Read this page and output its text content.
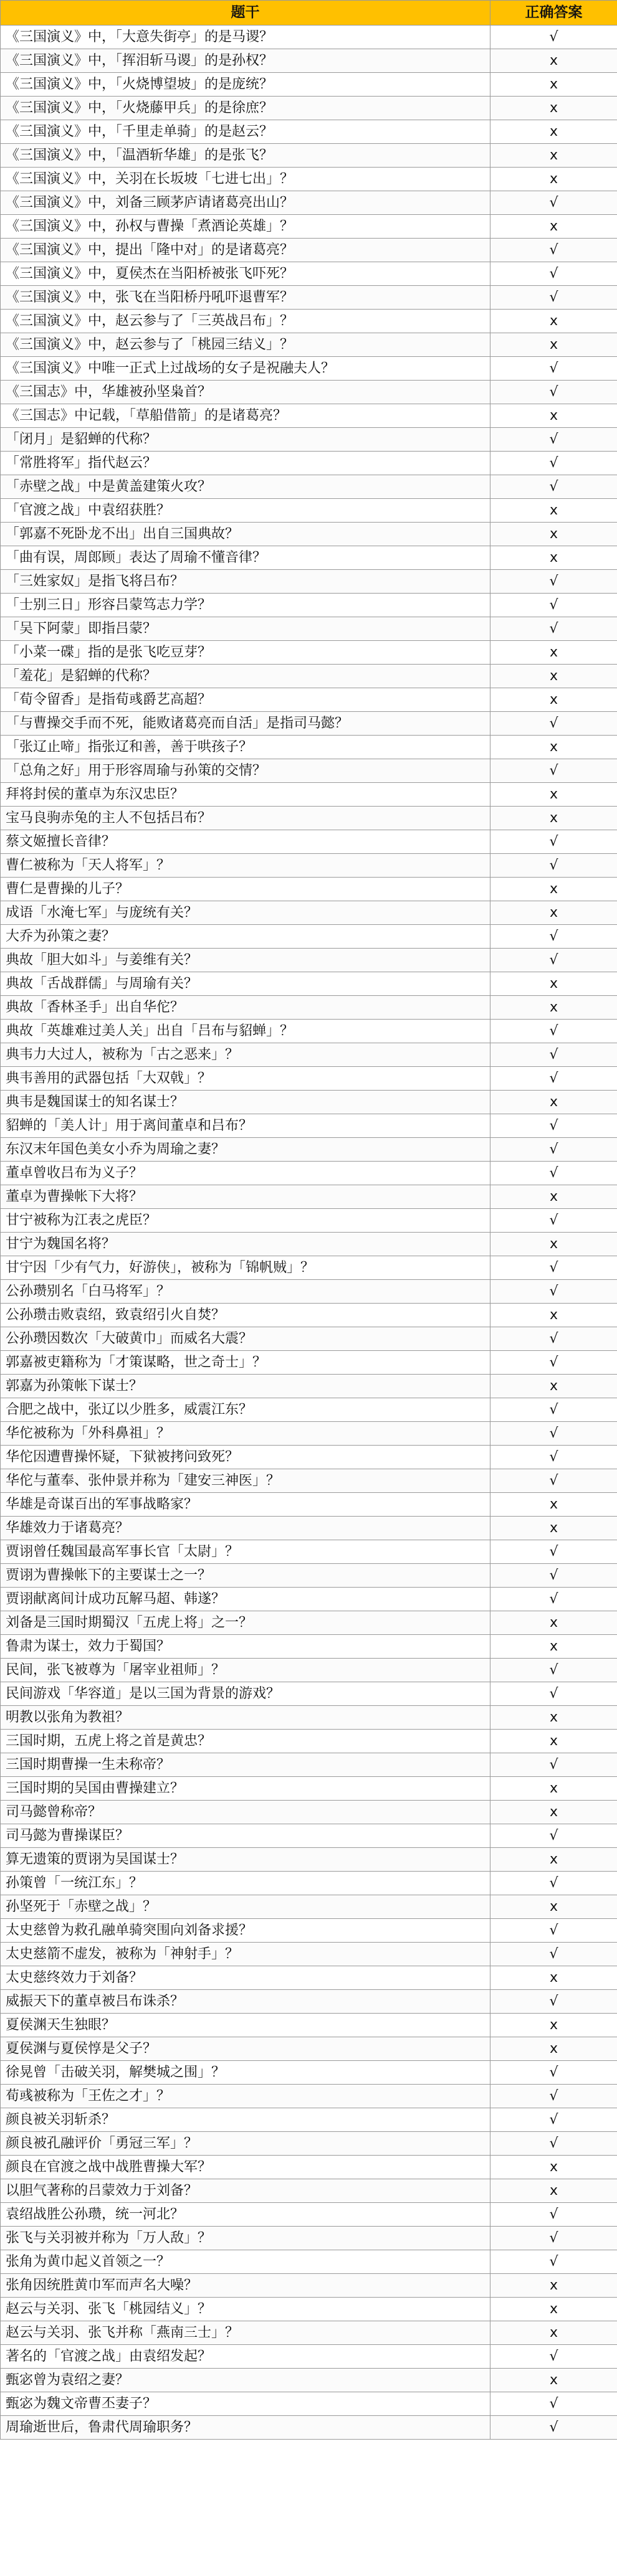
题干	正确答案
《三国演义》中，「大意失街亭」的是马谡？	√
《三国演义》中，「挥泪斩马谡」的是孙权？	x
《三国演义》中，「火烧博望坡」的是庞统？	x
《三国演义》中，「火烧藤甲兵」的是徐庶？	x
《三国演义》中，「千里走单骑」的是赵云？	x
《三国演义》中，「温酒斩华雄」的是张飞？	x
《三国演义》中，关羽在长坂坡「七进七出」？	x
《三国演义》中，刘备三顾茅庐请诸葛亮出山？	√
《三国演义》中，孙权与曹操「煮酒论英雄」？	x
《三国演义》中，提出「隆中对」的是诸葛亮？	√
《三国演义》中，夏侯杰在当阳桥被张飞吓死？	√
《三国演义》中，张飞在当阳桥丹吼吓退曹军？	√
《三国演义》中，赵云参与了「三英战吕布」？	x
《三国演义》中，赵云参与了「桃园三结义」？	x
《三国演义》中唯一正式上过战场的女子是祝融夫人？	√
《三国志》中，华雄被孙坚枭首？	√
《三国志》中记载，「草船借箭」的是诸葛亮？	x
「闭月」是貂蝉的代称？	√
「常胜将军」指代赵云？	√
「赤壁之战」中是黄盖建策火攻？	√
「官渡之战」中袁绍获胜？	x
「郭嘉不死卧龙不出」出自三国典故？	x
「曲有误，周郎顾」表达了周瑜不懂音律？	x
「三姓家奴」是指飞将吕布？	√
「士别三日」形容吕蒙笃志力学？	√
「吴下阿蒙」即指吕蒙？	√
「小菜一碟」指的是张飞吃豆芽？	x
「羞花」是貂蝉的代称？	x
「荀令留香」是指荀彧爵艺高超？	x
「与曹操交手而不死，能败诸葛亮而自活」是指司马懿？	√
「张辽止啼」指张辽和善，善于哄孩子？	x
「总角之好」用于形容周瑜与孙策的交情？	√
拜将封侯的董卓为东汉忠臣？	x
宝马良驹赤兔的主人不包括吕布？	x
蔡文姬擅长音律？	√
曹仁被称为「天人将军」？	√
曹仁是曹操的儿子？	x
成语「水淹七军」与庞统有关？	x
大乔为孙策之妻？	√
典故「胆大如斗」与姜维有关？	√
典故「舌战群儒」与周瑜有关？	x
典故「香林圣手」出自华佗？	x
典故「英雄难过美人关」出自「吕布与貂蝉」？	√
典韦力大过人，被称为「古之恶来」？	√
典韦善用的武器包括「大双戟」？	√
典韦是魏国谋士的知名谋士？	x
貂蝉的「美人计」用于离间董卓和吕布？	√
东汉末年国色美女小乔为周瑜之妻？	√
董卓曾收吕布为义子？	√
董卓为曹操帐下大将？	x
甘宁被称为江表之虎臣？	√
甘宁为魏国名将？	x
甘宁因「少有气力，好游侠」，被称为「锦帆贼」？	√
公孙瓒别名「白马将军」？	√
公孙瓒击败袁绍，致袁绍引火自焚？	x
公孙瓒因数次「大破黄巾」而威名大震？	√
郭嘉被吏籍称为「才策谋略，世之奇士」？	√
郭嘉为孙策帐下谋士？	x
合肥之战中，张辽以少胜多，威震江东？	√
华佗被称为「外科鼻祖」？	√
华佗因遭曹操怀疑，下狱被拷问致死？	√
华佗与董奉、张仲景并称为「建安三神医」？	√
华雄是奇谋百出的军事战略家？	x
华雄效力于诸葛亮？	x
贾诩曾任魏国最高军事长官「太尉」？	√
贾诩为曹操帐下的主要谋士之一？	√
贾诩献离间计成功瓦解马超、韩遂？	√
刘备是三国时期蜀汉「五虎上将」之一？	x
鲁肃为谋士，效力于蜀国？	x
民间，张飞被尊为「屠宰业祖师」？	√
民间游戏「华容道」是以三国为背景的游戏？	√
明教以张角为教祖？	x
三国时期，五虎上将之首是黄忠？	x
三国时期曹操一生未称帝？	√
三国时期的吴国由曹操建立？	x
司马懿曾称帝？	x
司马懿为曹操谋臣？	√
算无遗策的贾诩为吴国谋士？	x
孙策曾「一统江东」？	√
孙坚死于「赤壁之战」？	x
太史慈曾为救孔融单骑突围向刘备求援？	√
太史慈箭不虚发，被称为「神射手」？	√
太史慈终效力于刘备？	x
威振天下的董卓被吕布诛杀？	√
夏侯渊天生独眼？	x
夏侯渊与夏侯惇是父子？	x
徐晃曾「击破关羽，解樊城之围」？	√
荀彧被称为「王佐之才」？	√
颜良被关羽斩杀？	√
颜良被孔融评价「勇冠三军」？	√
颜良在官渡之战中战胜曹操大军？	x
以胆气著称的吕蒙效力于刘备？	x
袁绍战胜公孙瓒，统一河北？	√
张飞与关羽被并称为「万人敌」？	√
张角为黄巾起义首领之一？	√
张角因统胜黄巾军而声名大噪？	x
赵云与关羽、张飞「桃园结义」？	x
赵云与关羽、张飞并称「燕南三士」？	x
著名的「官渡之战」由袁绍发起？	√
甄宓曾为袁绍之妻？	x
甄宓为魏文帝曹丕妻子？	√
周瑜逝世后，鲁肃代周瑜职务？	√
